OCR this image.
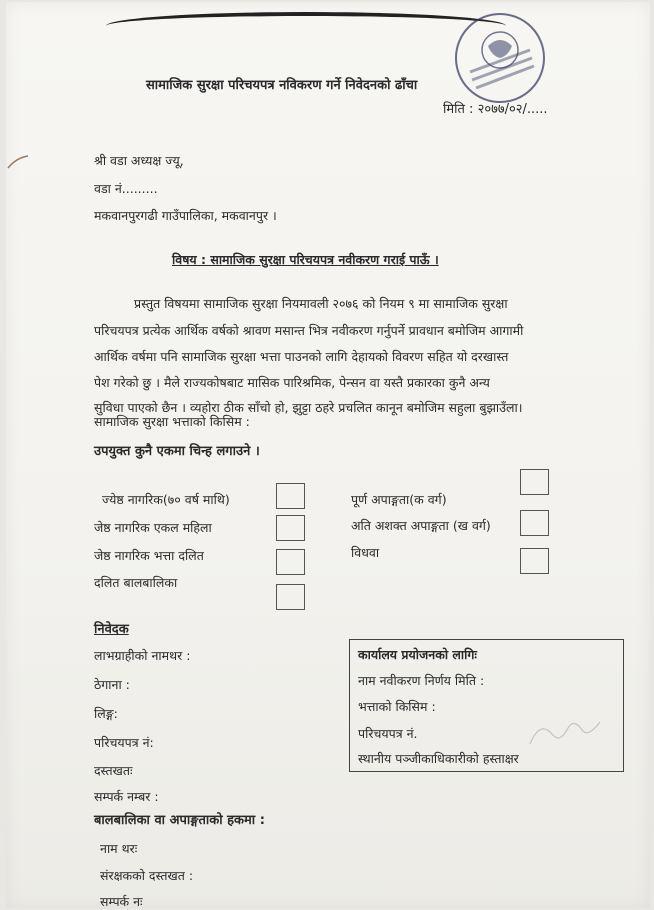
सामाजिक सुरक्षा परिचयपत्र नविकरण गर्ने निवेदनको ढाँचा
मिति : २०७७/०२/.....
श्री वडा अध्यक्ष ज्यू,
वडा नं.........
मकवानपुरगढी गाउँपालिका, मकवानपुर ।
विषय : सामाजिक सुरक्षा परिचयपत्र नवीकरण गराई पाऊँ ।
प्रस्तुत विषयमा सामाजिक सुरक्षा नियमावली २०७६ को नियम ९ मा सामाजिक सुरक्षा
परिचयपत्र प्रत्येक आर्थिक वर्षको श्रावण मसान्त भित्र नवीकरण गर्नुपर्ने प्रावधान बमोजिम आगामी
आर्थिक वर्षमा पनि सामाजिक सुरक्षा भत्ता पाउनको लागि देहायको विवरण सहित यो दरखास्त
पेश गरेको छु । मैले राज्यकोषबाट मासिक पारिश्रमिक, पेन्सन वा यस्तै प्रकारका कुनै अन्य
सुविधा पाएको छैन । व्यहोरा ठीक साँचो हो, झुट्टा ठहरे प्रचलित कानून बमोजिम सहुला बुझाउँला।
सामाजिक सुरक्षा भत्ताको किसिम :
उपयुक्त कुनै एकमा चिन्ह लगाउने ।
ज्येष्ठ नागरिक(७० वर्ष माथि)
जेष्ठ नागरिक एकल महिला
जेष्ठ नागरिक भत्ता दलित
दलित बालबालिका
पूर्ण अपाङ्गता(क वर्ग)
अति अशक्त अपाङ्गता (ख वर्ग)
विधवा
निवेदक
लाभग्राहीको नामथर :
ठेगाना :
लिङ्ग:
परिचयपत्र नं:
दस्तखतः
सम्पर्क नम्बर :
कार्यालय प्रयोजनको लागिः
नाम नवीकरण निर्णय मिति :
भत्ताको किसिम :
परिचयपत्र नं.
स्थानीय पञ्जीकाधिकारीको हस्ताक्षर
बालबालिका वा अपाङ्गताको हकमा :
नाम थरः
संरक्षकको दस्तखत :
सम्पर्क नः
